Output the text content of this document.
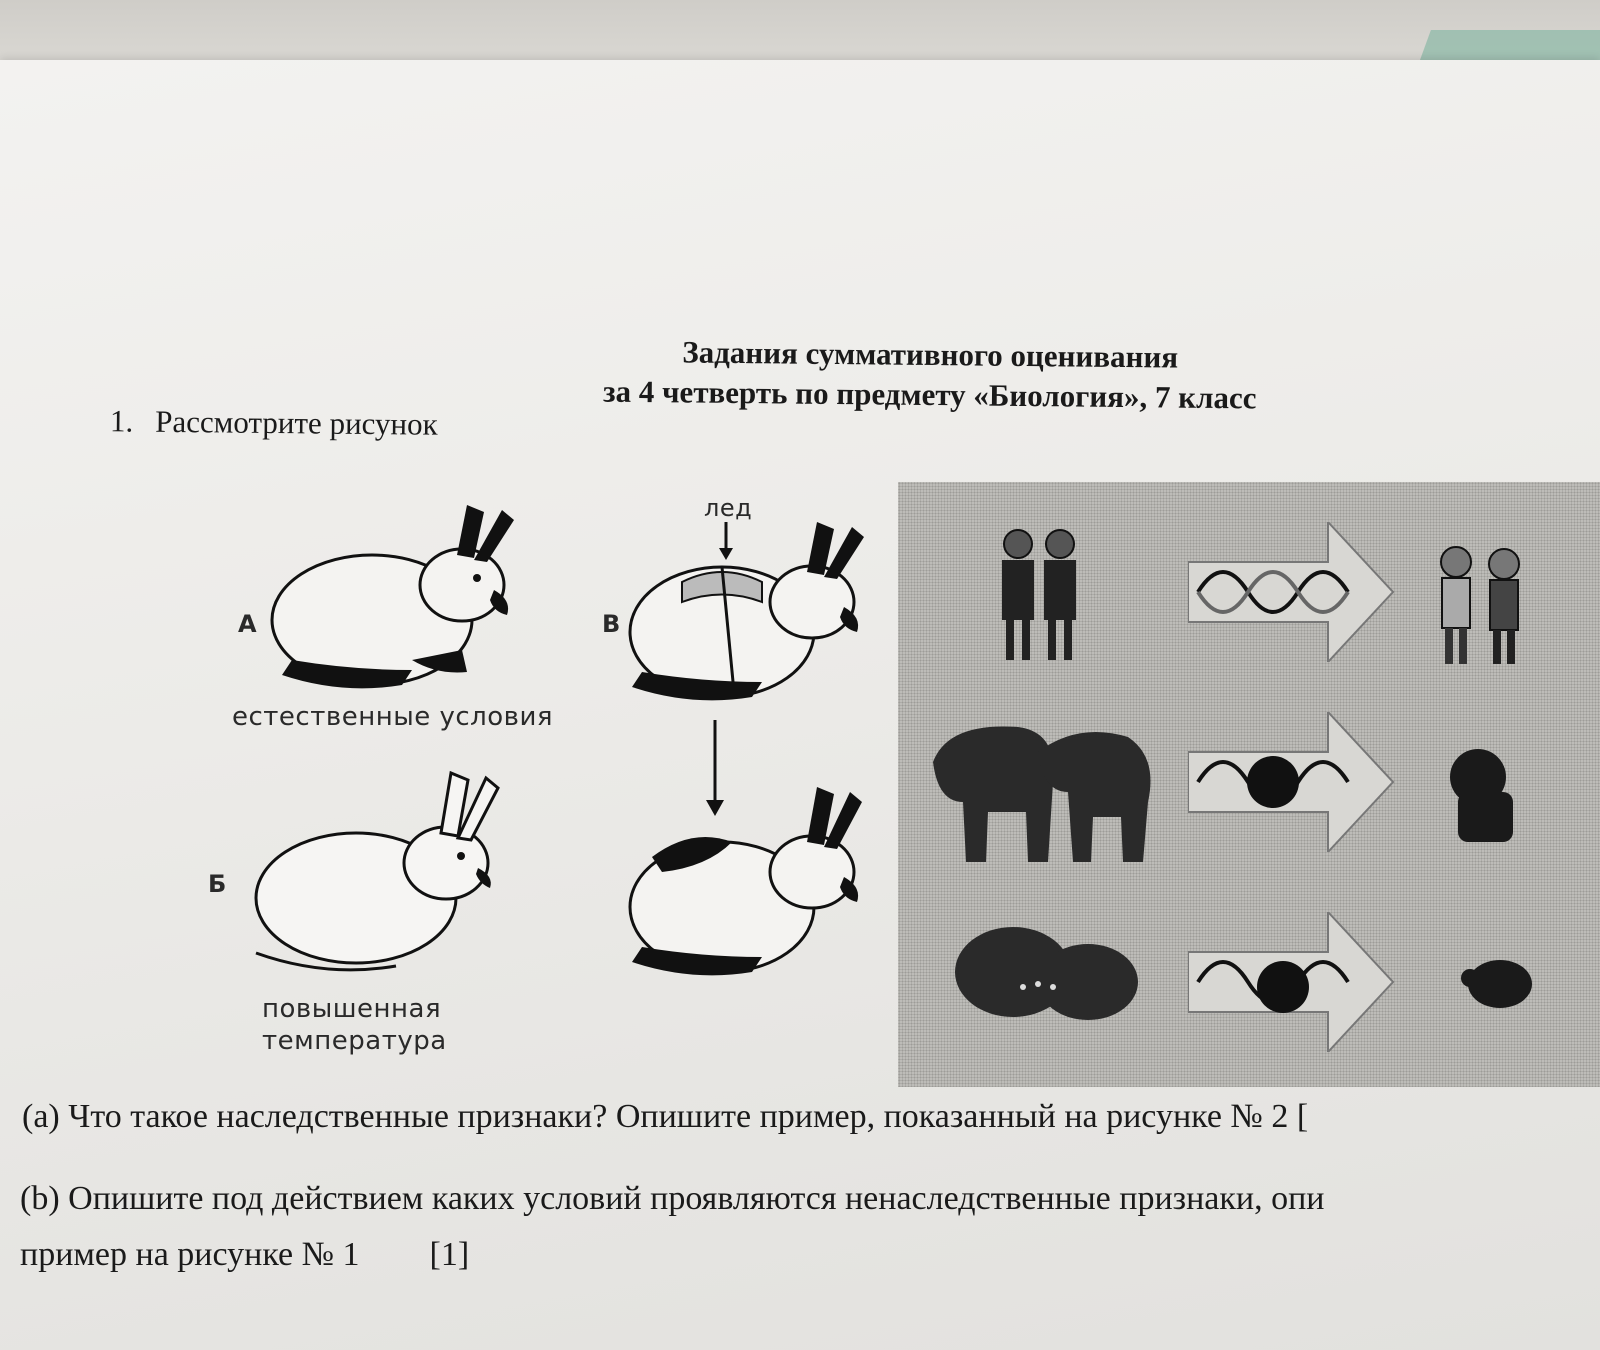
Задания суммативного оценивания
за 4 четверть по предмету «Биология», 7 класс
1. Рассмотрите рисунок
А
естественные условия
Б
повышенная
температура
В
лед
(а) Что такое наследственные признаки? Опишите пример, показанный на рисунке № 2 [
(b) Опишите под действием каких условий проявляются ненаследственные признаки, опи
пример на рисунке № 1 [1]
